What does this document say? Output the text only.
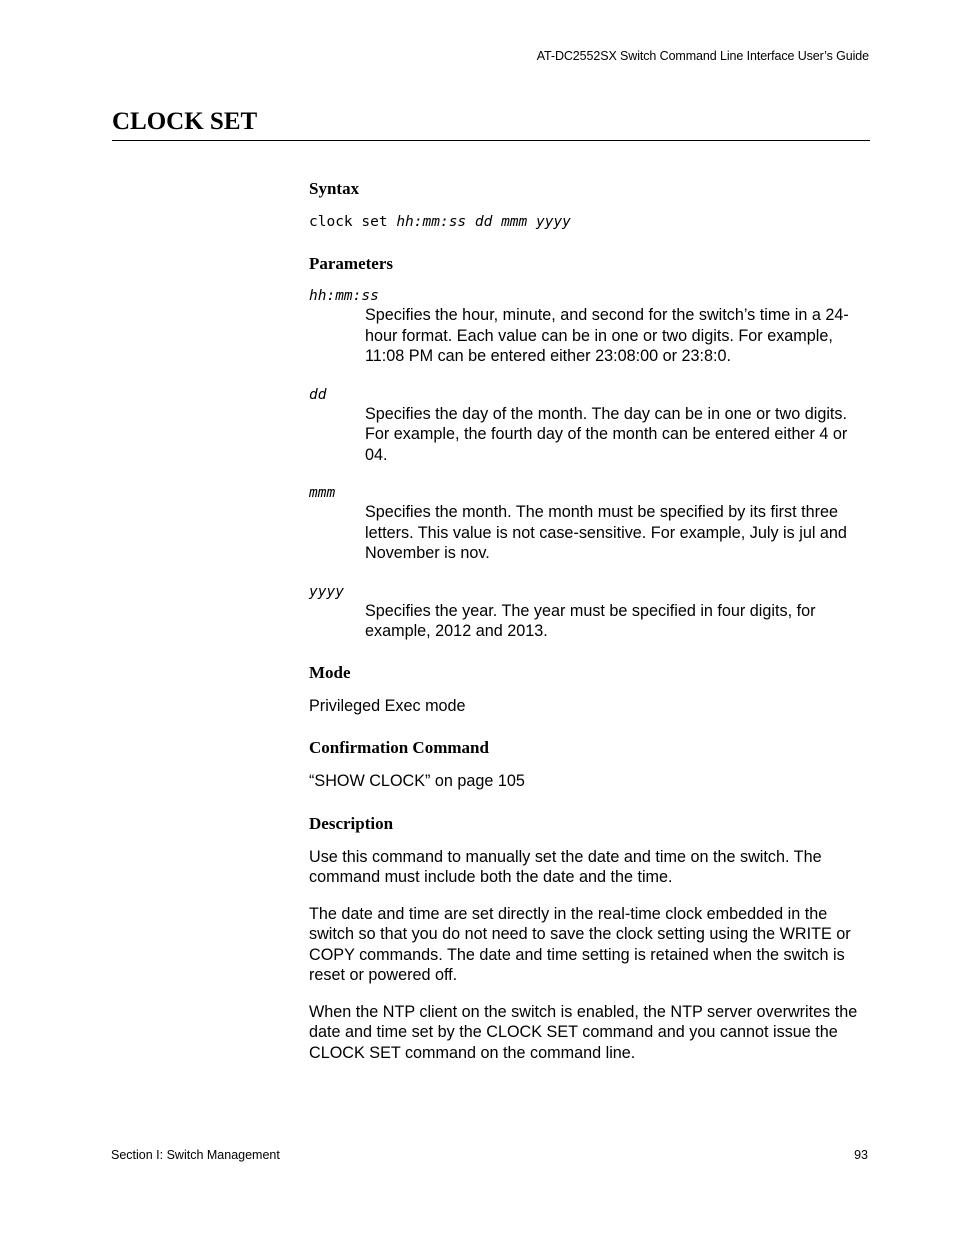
AT-DC2552SX Switch Command Line Interface User’s Guide
CLOCK SET
Syntax

clock set hh:mm:ss dd mmm yyyy

Parameters

hh:mm:ss

Specifies the hour, minute, and second for the switch’s time in a 24-hour format. Each value can be in one or two digits. For example, 11:08 PM can be entered either 23:08:00 or 23:8:0.

dd

Specifies the day of the month. The day can be in one or two digits. For example, the fourth day of the month can be entered either 4 or 04.

mmm

Specifies the month. The month must be specified by its first three letters. This value is not case-sensitive. For example, July is jul and November is nov.

yyyy

Specifies the year. The year must be specified in four digits, for example, 2012 and 2013.

Mode

Privileged Exec mode

Confirmation Command

“SHOW CLOCK” on page 105

Description

Use this command to manually set the date and time on the switch. The command must include both the date and the time.

The date and time are set directly in the real-time clock embedded in the switch so that you do not need to save the clock setting using the WRITE or COPY commands. The date and time setting is retained when the switch is reset or powered off.

When the NTP client on the switch is enabled, the NTP server overwrites the date and time set by the CLOCK SET command and you cannot issue the CLOCK SET command on the command line.

Section I: Switch Management	93
